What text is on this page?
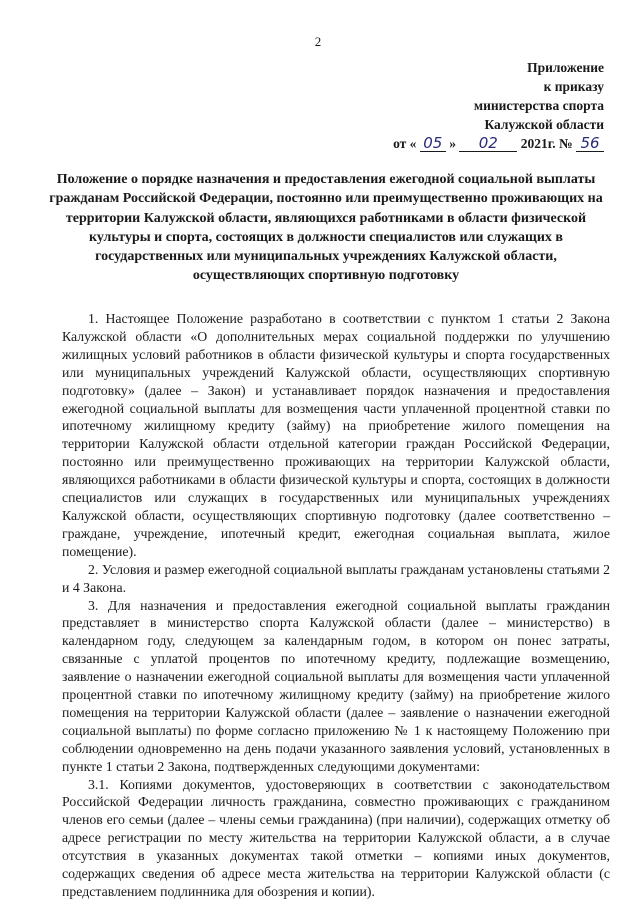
2
Приложение
к приказу
министерства спорта
Калужской области
от « 05 » 02 2021г. № 56
Положение о порядке назначения и предоставления ежегодной социальной выплаты гражданам Российской Федерации, постоянно или преимущественно проживающих на территории Калужской области, являющихся работниками в области физической культуры и спорта, состоящих в должности специалистов или служащих в государственных или муниципальных учреждениях Калужской области, осуществляющих спортивную подготовку

1. Настоящее Положение разработано в соответствии с пунктом 1 статьи 2 Закона Калужской области «О дополнительных мерах социальной поддержки по улучшению жилищных условий работников в области физической культуры и спорта государственных или муниципальных учреждений Калужской области, осуществляющих спортивную подготовку» (далее – Закон) и устанавливает порядок назначения и предоставления ежегодной социальной выплаты для возмещения части уплаченной процентной ставки по ипотечному жилищному кредиту (займу) на приобретение жилого помещения на территории Калужской области отдельной категории граждан Российской Федерации, постоянно или преимущественно проживающих на территории Калужской области, являющихся работниками в области физической культуры и спорта, состоящих в должности специалистов или служащих в государственных или муниципальных учреждениях Калужской области, осуществляющих спортивную подготовку (далее соответственно – граждане, учреждение, ипотечный кредит, ежегодная социальная выплата, жилое помещение).

2. Условия и размер ежегодной социальной выплаты гражданам установлены статьями 2 и 4 Закона.

3. Для назначения и предоставления ежегодной социальной выплаты гражданин представляет в министерство спорта Калужской области (далее – министерство) в календарном году, следующем за календарным годом, в котором он понес затраты, связанные с уплатой процентов по ипотечному кредиту, подлежащие возмещению, заявление о назначении ежегодной социальной выплаты для возмещения части уплаченной процентной ставки по ипотечному жилищному кредиту (займу) на приобретение жилого помещения на территории Калужской области (далее – заявление о назначении ежегодной социальной выплаты) по форме согласно приложению № 1 к настоящему Положению при соблюдении одновременно на день подачи указанного заявления условий, установленных в пункте 1 статьи 2 Закона, подтвержденных следующими документами:

3.1. Копиями документов, удостоверяющих в соответствии с законодательством Российской Федерации личность гражданина, совместно проживающих с гражданином членов его семьи (далее – члены семьи гражданина) (при наличии), содержащих отметку об адресе регистрации по месту жительства на территории Калужской области, а в случае отсутствия в указанных документах такой отметки – копиями иных документов, содержащих сведения об адресе места жительства на территории Калужской области (с представлением подлинника для обозрения и копии).
